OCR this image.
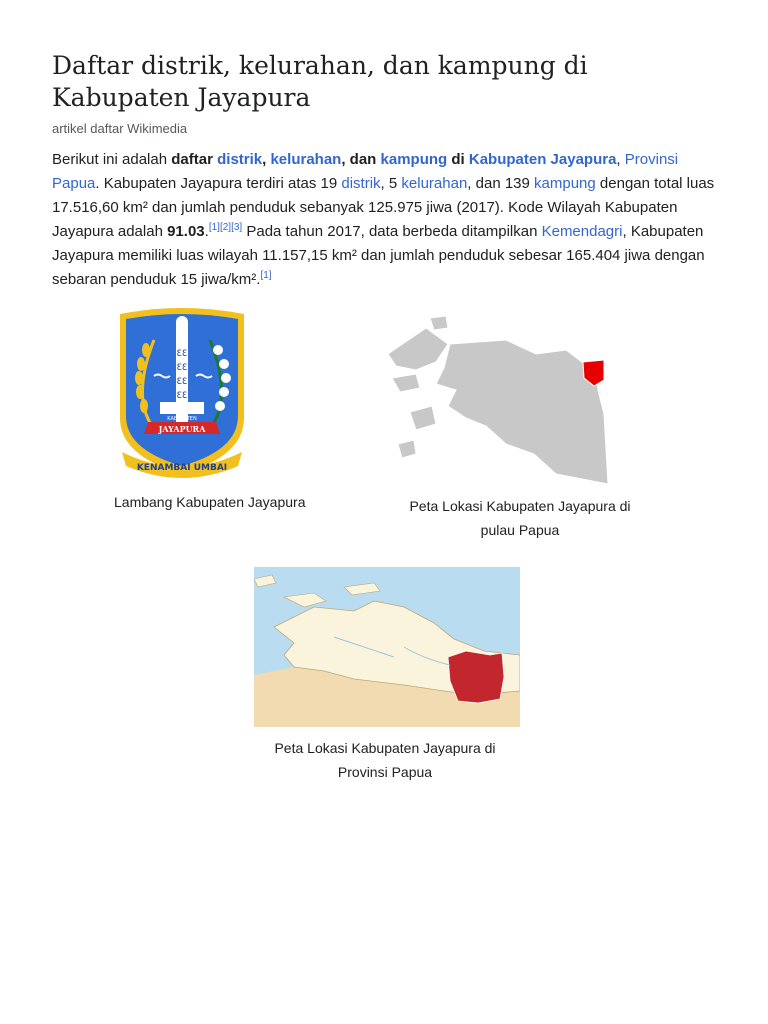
Daftar distrik, kelurahan, dan kampung di Kabupaten Jayapura
artikel daftar Wikimedia

Berikut ini adalah daftar distrik, kelurahan, dan kampung di Kabupaten Jayapura, Provinsi Papua. Kabupaten Jayapura terdiri atas 19 distrik, 5 kelurahan, dan 139 kampung dengan total luas 17.516,60 km² dan jumlah penduduk sebanyak 125.975 jiwa (2017). Kode Wilayah Kabupaten Jayapura adalah 91.03.[1][2][3] Pada tahun 2017, data berbeda ditampilkan Kemendagri, Kabupaten Jayapura memiliki luas wilayah 11.157,15 km² dan jumlah penduduk sebesar 165.404 jiwa dengan sebaran penduduk 15 jiwa/km².[1]

ƐƐ
ƐƐ
ƐƐ
ƐƐ
KABUPATEN
JAYAPURA
KENAMBAI UMBAI
Lambang Kabupaten Jayapura	Peta Lokasi Kabupaten Jayapura di pulau Papua
Peta Lokasi Kabupaten Jayapura di Provinsi Papua
